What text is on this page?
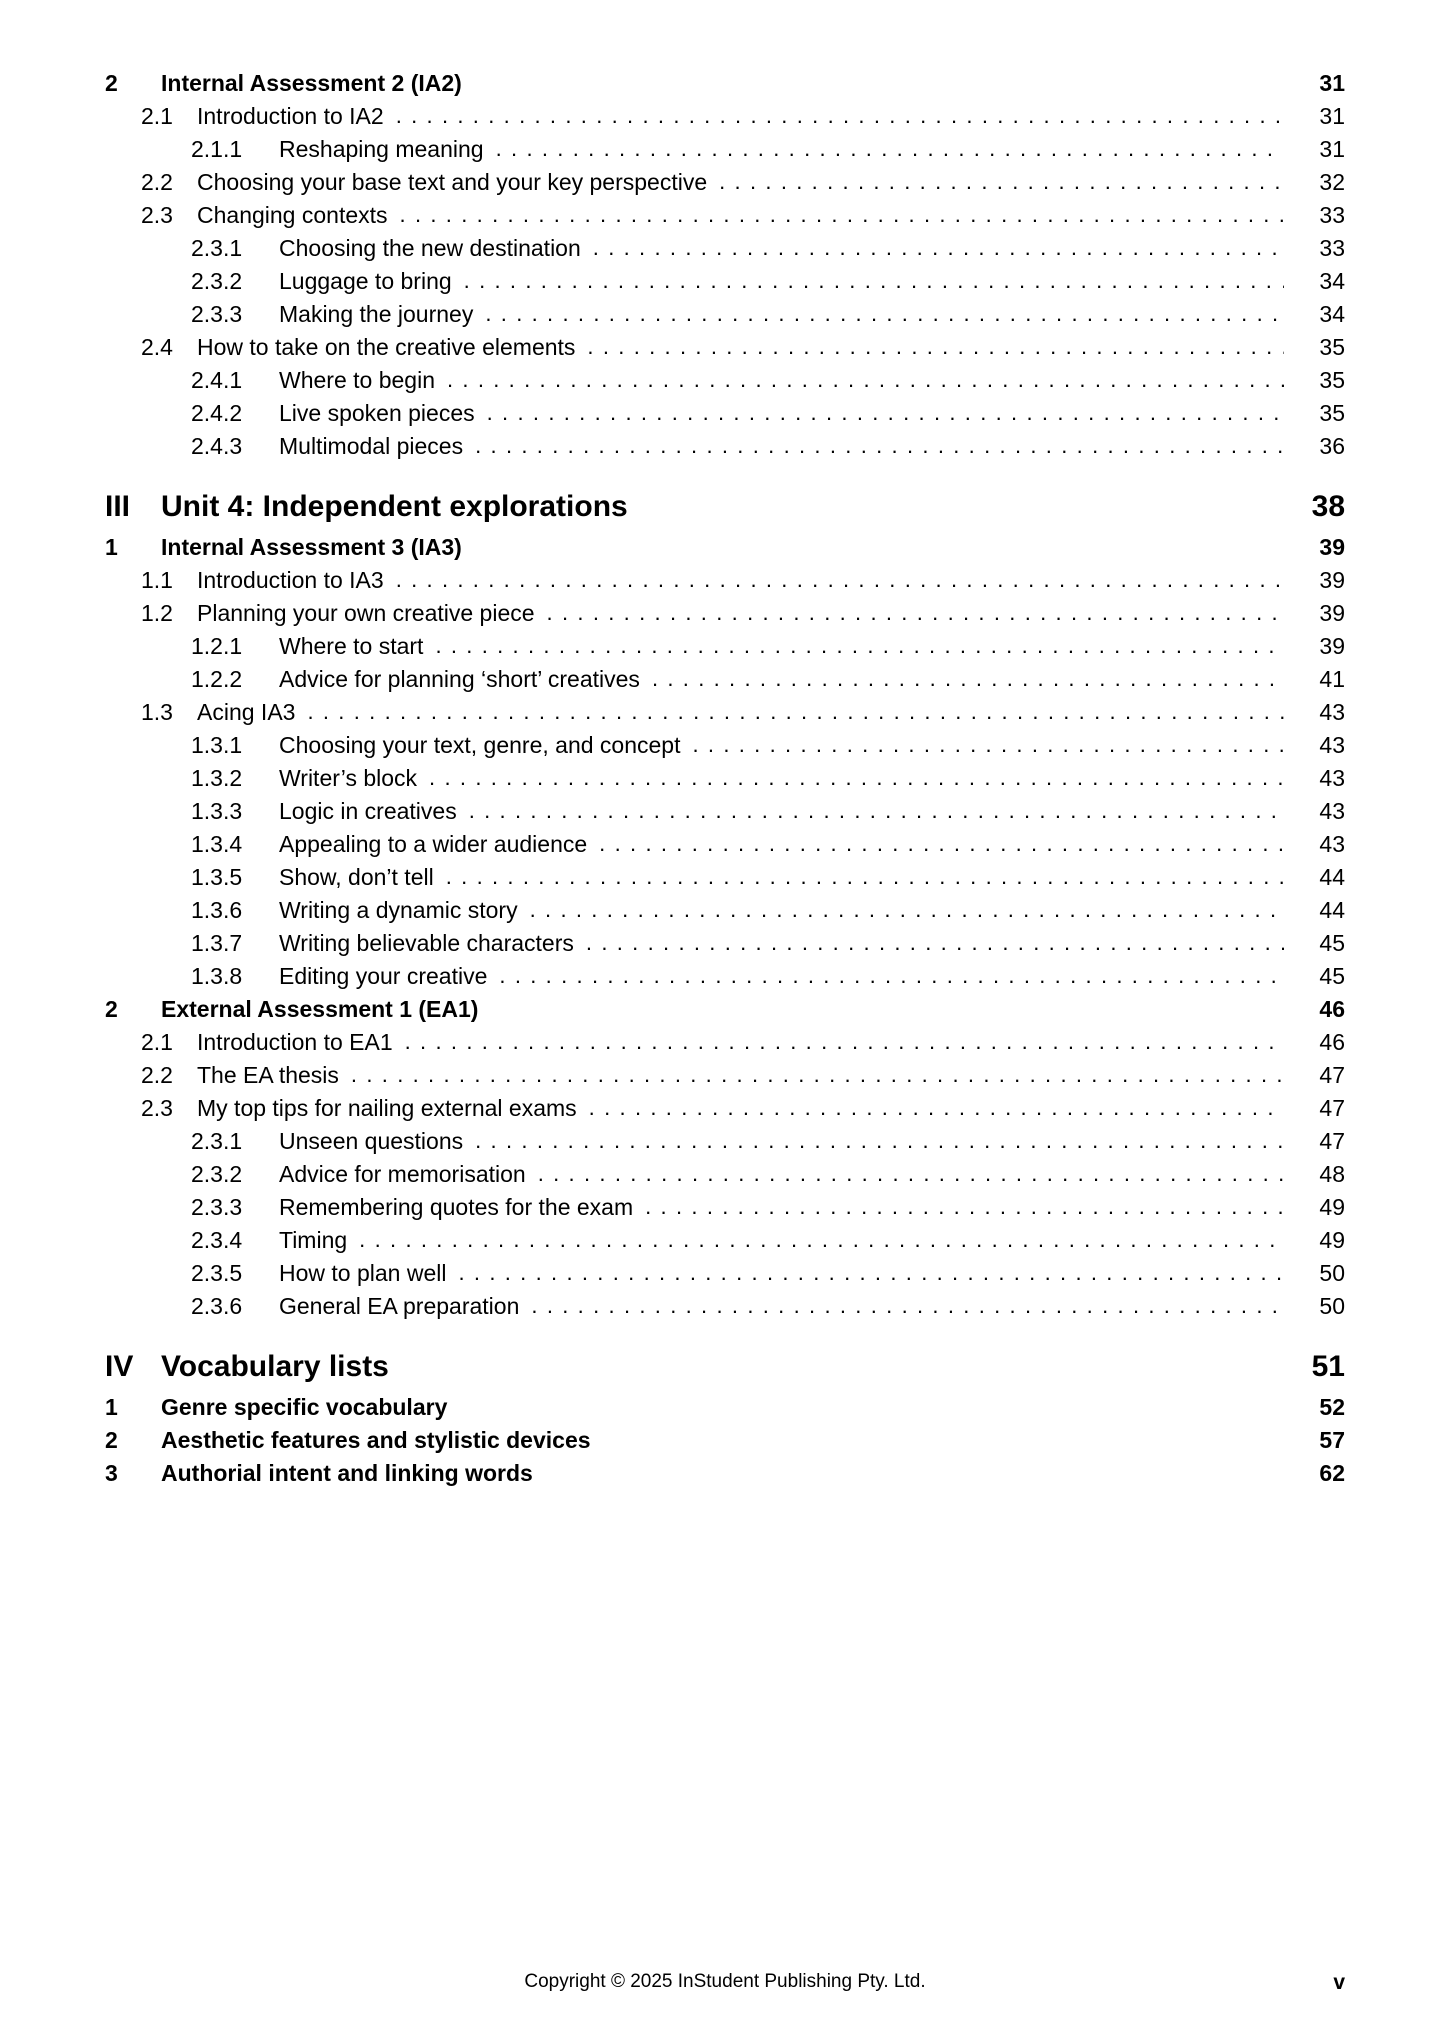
2	Internal Assessment 2 (IA2)	31
2.1	Introduction to IA2 . . .	31
2.1.1	Reshaping meaning . . .	31
2.2	Choosing your base text and your key perspective . . .	32
2.3	Changing contexts . . .	33
2.3.1	Choosing the new destination . . .	33
2.3.2	Luggage to bring . . .	34
2.3.3	Making the journey . . .	34
2.4	How to take on the creative elements . . .	35
2.4.1	Where to begin . . .	35
2.4.2	Live spoken pieces . . .	35
2.4.3	Multimodal pieces . . .	36
III	Unit 4: Independent explorations	38
1	Internal Assessment 3 (IA3)	39
1.1	Introduction to IA3 . . .	39
1.2	Planning your own creative piece . . .	39
1.2.1	Where to start . . .	39
1.2.2	Advice for planning ‘short’ creatives . . .	41
1.3	Acing IA3 . . .	43
1.3.1	Choosing your text, genre, and concept . . .	43
1.3.2	Writer’s block . . .	43
1.3.3	Logic in creatives . . .	43
1.3.4	Appealing to a wider audience . . .	43
1.3.5	Show, don’t tell . . .	44
1.3.6	Writing a dynamic story . . .	44
1.3.7	Writing believable characters . . .	45
1.3.8	Editing your creative . . .	45
2	External Assessment 1 (EA1)	46
2.1	Introduction to EA1 . . .	46
2.2	The EA thesis . . .	47
2.3	My top tips for nailing external exams . . .	47
2.3.1	Unseen questions . . .	47
2.3.2	Advice for memorisation . . .	48
2.3.3	Remembering quotes for the exam . . .	49
2.3.4	Timing . . .	49
2.3.5	How to plan well . . .	50
2.3.6	General EA preparation . . .	50
IV Vocabulary lists	51
1	Genre specific vocabulary	52
2	Aesthetic features and stylistic devices	57
3	Authorial intent and linking words	62
Copyright © 2025 InStudent Publishing Pty. Ltd.	v
